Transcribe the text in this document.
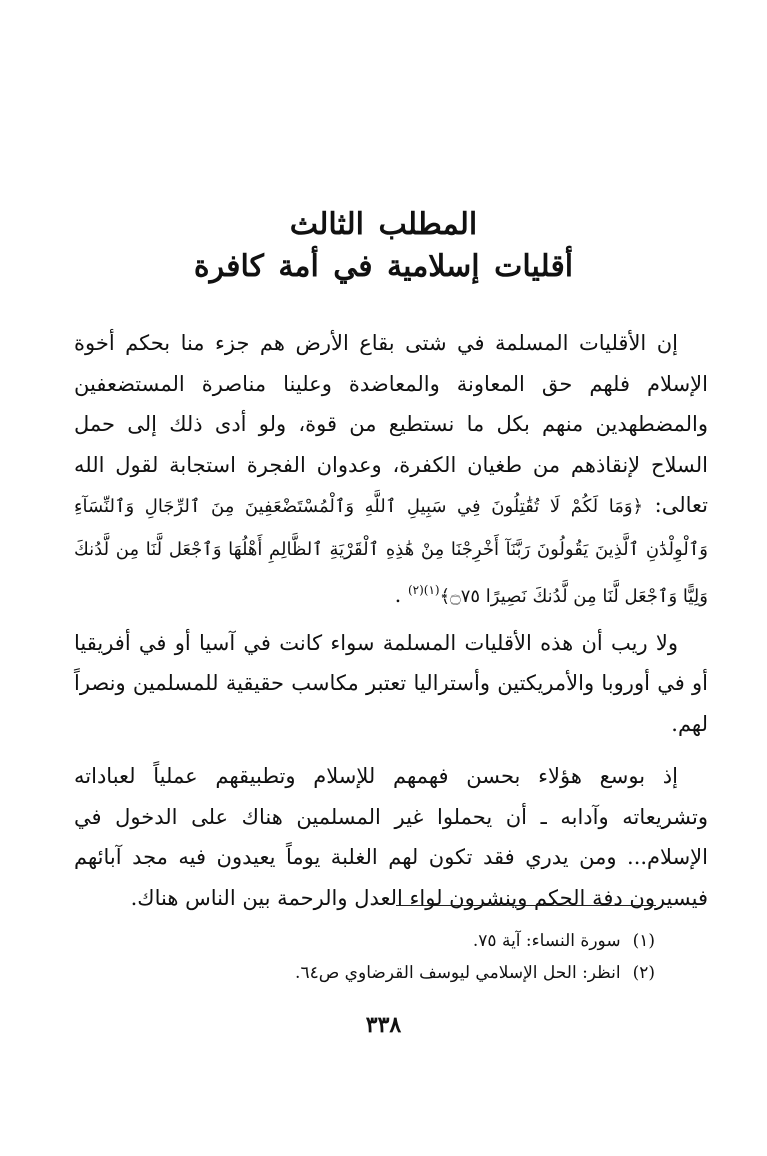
المطلب الثالث
أقليات إسلامية في أمة كافرة

إن الأقليات المسلمة في شتى بقاع الأرض هم جزء منا بحكم أخوة الإسلام فلهم حق المعاونة والمعاضدة وعلينا مناصرة المستضعفين والمضطهدين منهم بكل ما نستطيع من قوة، ولو أدى ذلك إلى حمل السلاح لإنقاذهم من طغيان الكفرة، وعدوان الفجرة استجابة لقول الله تعالى: ﴿وَمَا لَكُمْ لَا تُقَٰتِلُونَ فِي سَبِيلِ ٱللَّهِ وَٱلْمُسْتَضْعَفِينَ مِنَ ٱلرِّجَالِ وَٱلنِّسَآءِ وَٱلْوِلْدَٰنِ ٱلَّذِينَ يَقُولُونَ رَبَّنَآ أَخْرِجْنَا مِنْ هَٰذِهِ ٱلْقَرْيَةِ ٱلظَّالِمِ أَهْلُهَا وَٱجْعَل لَّنَا مِن لَّدُنكَ وَلِيًّا وَٱجْعَل لَّنَا مِن لَّدُنكَ نَصِيرًا ۝٧٥﴾$^{(١)(٢)}$ .

ولا ريب أن هذه الأقليات المسلمة سواء كانت في آسيا أو في أفريقيا أو في أوروبا والأمريكتين وأستراليا تعتبر مكاسب حقيقية للمسلمين ونصراً لهم.

إذ بوسع هؤلاء بحسن فهمهم للإسلام وتطبيقهم عملياً لعباداته وتشريعاته وآدابه ـ أن يحملوا غير المسلمين هناك على الدخول في الإسلام... ومن يدري فقد تكون لهم الغلبة يوماً يعيدون فيه مجد آبائهم فيسيرون دفة الحكم وينشرون لواء العدل والرحمة بين الناس هناك.

(١)سورة النساء: آية ٧٥.

(٢)انظر: الحل الإسلامي ليوسف القرضاوي ص٦٤.

٣٣٨
